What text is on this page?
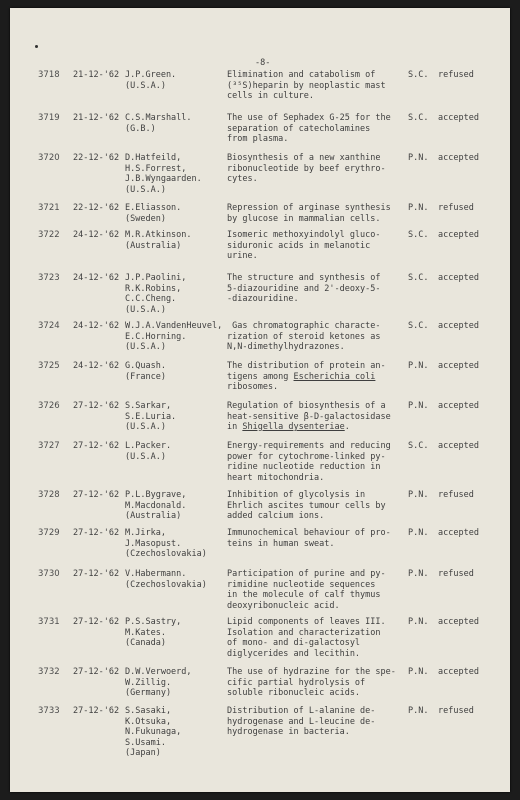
-8-
3718 21-12-'62 J.P.Green.
(U.S.A.)
Elimination and catabolism of
(³⁵S)heparin by neoplastic mast
cells in culture.
S.C. refused
3719 21-12-'62 C.S.Marshall.
(G.B.)
The use of Sephadex G-25 for the
separation of catecholamines
from plasma.
S.C. accepted
3720 22-12-'62 D.Hatfeild,
H.S.Forrest,
J.B.Wyngaarden.
(U.S.A.)
Biosynthesis of a new xanthine
ribonucleotide by beef erythro-
cytes.
P.N. accepted
3721 22-12-'62 E.Eliasson.
(Sweden)
Repression of arginase synthesis
by glucose in mammalian cells.
P.N. refused
3722 24-12-'62 M.R.Atkinson.
(Australia)
Isomeric methoxyindolyl gluco-
siduronic acids in melanotic
urine.
S.C. accepted
3723 24-12-'62 J.P.Paolini,
R.K.Robins,
C.C.Cheng.
(U.S.A.)
The structure and synthesis of
5-diazouridine and 2'-deoxy-5-
-diazouridine.
S.C. accepted
3724 24-12-'62 W.J.A.VandenHeuvel,
E.C.Horning.
(U.S.A.)
Gas chromatographic characte-
rization of steroid ketones as
N,N-dimethylhydrazones.
S.C. accepted
3725 24-12-'62 G.Quash.
(France)
The distribution of protein an-
tigens among Escherichia coli
ribosomes.
P.N. accepted
3726 27-12-'62 S.Sarkar,
S.E.Luria.
(U.S.A.)
Regulation of biosynthesis of a
heat-sensitive β-D-galactosidase
in Shigella dysenteriae.
P.N. accepted
3727 27-12-'62 L.Packer.
(U.S.A.)
Energy-requirements and reducing
power for cytochrome-linked py-
ridine nucleotide reduction in
heart mitochondria.
S.C. accepted
3728 27-12-'62 P.L.Bygrave,
M.Macdonald.
(Australia)
Inhibition of glycolysis in
Ehrlich ascites tumour cells by
added calcium ions.
P.N. refused
3729 27-12-'62 M.Jirka,
J.Masopust.
(Czechoslovakia)
Immunochemical behaviour of pro-
teins in human sweat.
P.N. accepted
3730 27-12-'62 V.Habermann.
(Czechoslovakia)
Participation of purine and py-
rimidine nucleotide sequences
in the molecule of calf thymus
deoxyribonucleic acid.
P.N. refused
3731 27-12-'62 P.S.Sastry,
M.Kates.
(Canada)
Lipid components of leaves III.
Isolation and characterization
of mono- and di-galactosyl
diglycerides and lecithin.
P.N. accepted
3732 27-12-'62 D.W.Verwoerd,
W.Zillig.
(Germany)
The use of hydrazine for the spe-
cific partial hydrolysis of
soluble ribonucleic acids.
P.N. accepted
3733 27-12-'62 S.Sasaki,
K.Otsuka,
N.Fukunaga,
S.Usami.
(Japan)
Distribution of L-alanine de-
hydrogenase and L-leucine de-
hydrogenase in bacteria.
P.N. refused
